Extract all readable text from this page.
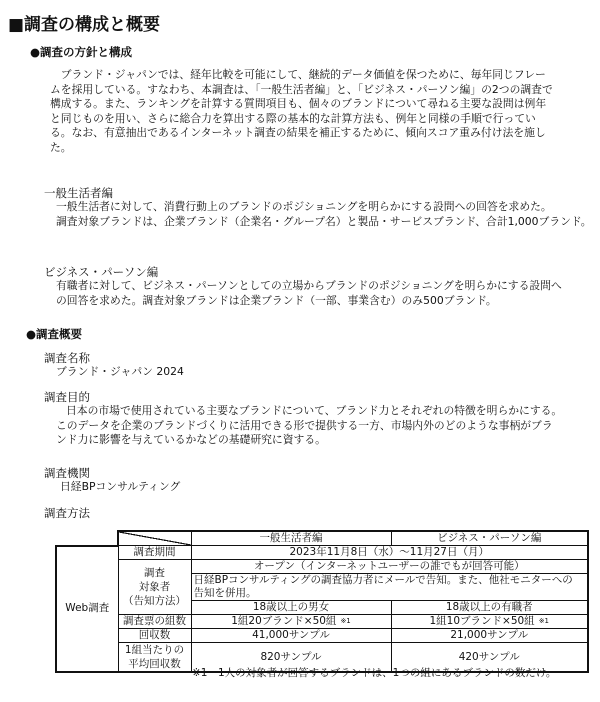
■調査の構成と概要
●調査の方針と構成

　ブランド・ジャパンでは、経年比較を可能にして、継続的データ価値を保つために、毎年同じフレー

ムを採用している。すなわち、本調査は、「一般生活者編」と、「ビジネス・パーソン編」の2つの調査で

構成する。また、ランキングを計算する質問項目も、個々のブランドについて尋ねる主要な設問は例年

と同じものを用い、さらに総合力を算出する際の基本的な計算方法も、例年と同様の手順で行ってい

る。なお、有意抽出であるインターネット調査の結果を補正するために、傾向スコア重み付け法を施し

た。

一般生活者編

一般生活者に対して、消費行動上のブランドのポジショニングを明らかにする設問への回答を求めた。

調査対象ブランドは、企業ブランド（企業名・グループ名）と製品・サービスブランド、合計1,000ブランド。

ビジネス・パーソン編

有職者に対して、ビジネス・パーソンとしての立場からブランドのポジショニングを明らかにする設問へ

の回答を求めた。調査対象ブランドは企業ブランド（一部、事業含む）のみ500ブランド。

●調査概要
調査名称
ブランド・ジャパン 2024
調査目的

日本の市場で使用されている主要なブランドについて、ブランド力とそれぞれの特徴を明らかにする。

このデータを企業のブランドづくりに活用できる形で提供する一方、市場内外のどのような事柄がブラ

ンド力に影響を与えているかなどの基礎研究に資する。

調査機関
日経BPコンサルティング
調査方法
		一般生活者編	ビジネス・パーソン編
Web調査	調査期間	2023年11月8日（水）～11月27日（月）	

	調査
対象者
（告知方法）	オープン（インターネットユーザーの誰でもが回答可能）	

		日経BPコンサルティングの調査協力者にメールで告知。また、他社モニターへの
告知を併用。	

		18歳以上の男女	18歳以上の有職者
	調査票の組数	1組20ブランド×50組 $^{※1}$	1組10ブランド×50組 $^{※1}$
	回収数	41,000サンプル	21,000サンプル

	1組当たりの
平均回収数	820サンプル	420サンプル
※1　1人の対象者が回答するブランドは、1つの組にあるブランドの数だけ。
